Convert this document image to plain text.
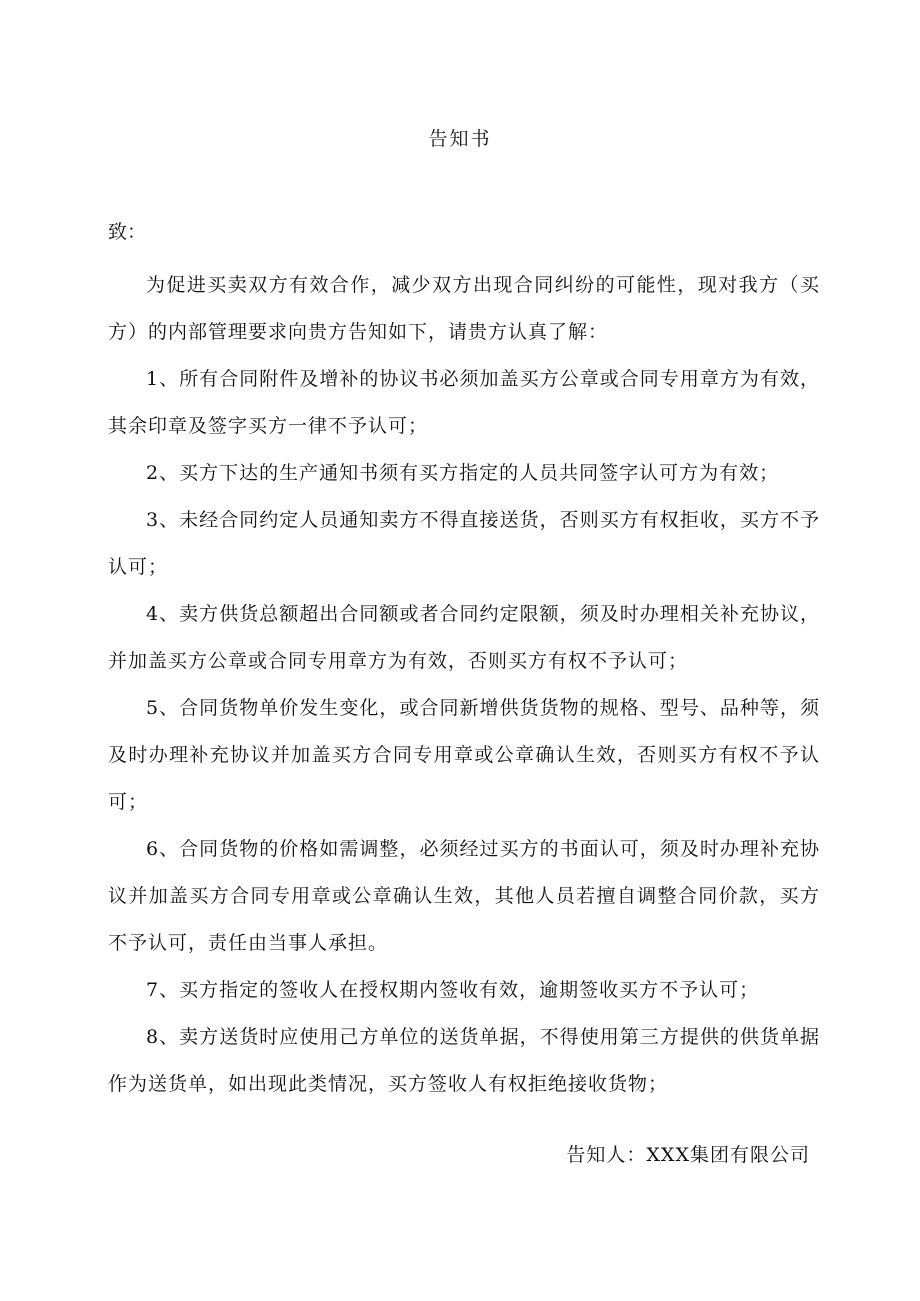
告知书
致：

为促进买卖双方有效合作，减少双方出现合同纠纷的可能性，现对我方（买方）的内部管理要求向贵方告知如下，请贵方认真了解：

1、所有合同附件及增补的协议书必须加盖买方公章或合同专用章方为有效，其余印章及签字买方一律不予认可；

2、买方下达的生产通知书须有买方指定的人员共同签字认可方为有效；

3、未经合同约定人员通知卖方不得直接送货，否则买方有权拒收，买方不予认可；

4、卖方供货总额超出合同额或者合同约定限额，须及时办理相关补充协议，并加盖买方公章或合同专用章方为有效，否则买方有权不予认可；

5、合同货物单价发生变化，或合同新增供货货物的规格、型号、品种等，须及时办理补充协议并加盖买方合同专用章或公章确认生效，否则买方有权不予认可；

6、合同货物的价格如需调整，必须经过买方的书面认可，须及时办理补充协议并加盖买方合同专用章或公章确认生效，其他人员若擅自调整合同价款，买方不予认可，责任由当事人承担。

7、买方指定的签收人在授权期内签收有效，逾期签收买方不予认可；

8、卖方送货时应使用己方单位的送货单据，不得使用第三方提供的供货单据作为送货单，如出现此类情况，买方签收人有权拒绝接收货物；

告知人：XXX集团有限公司
